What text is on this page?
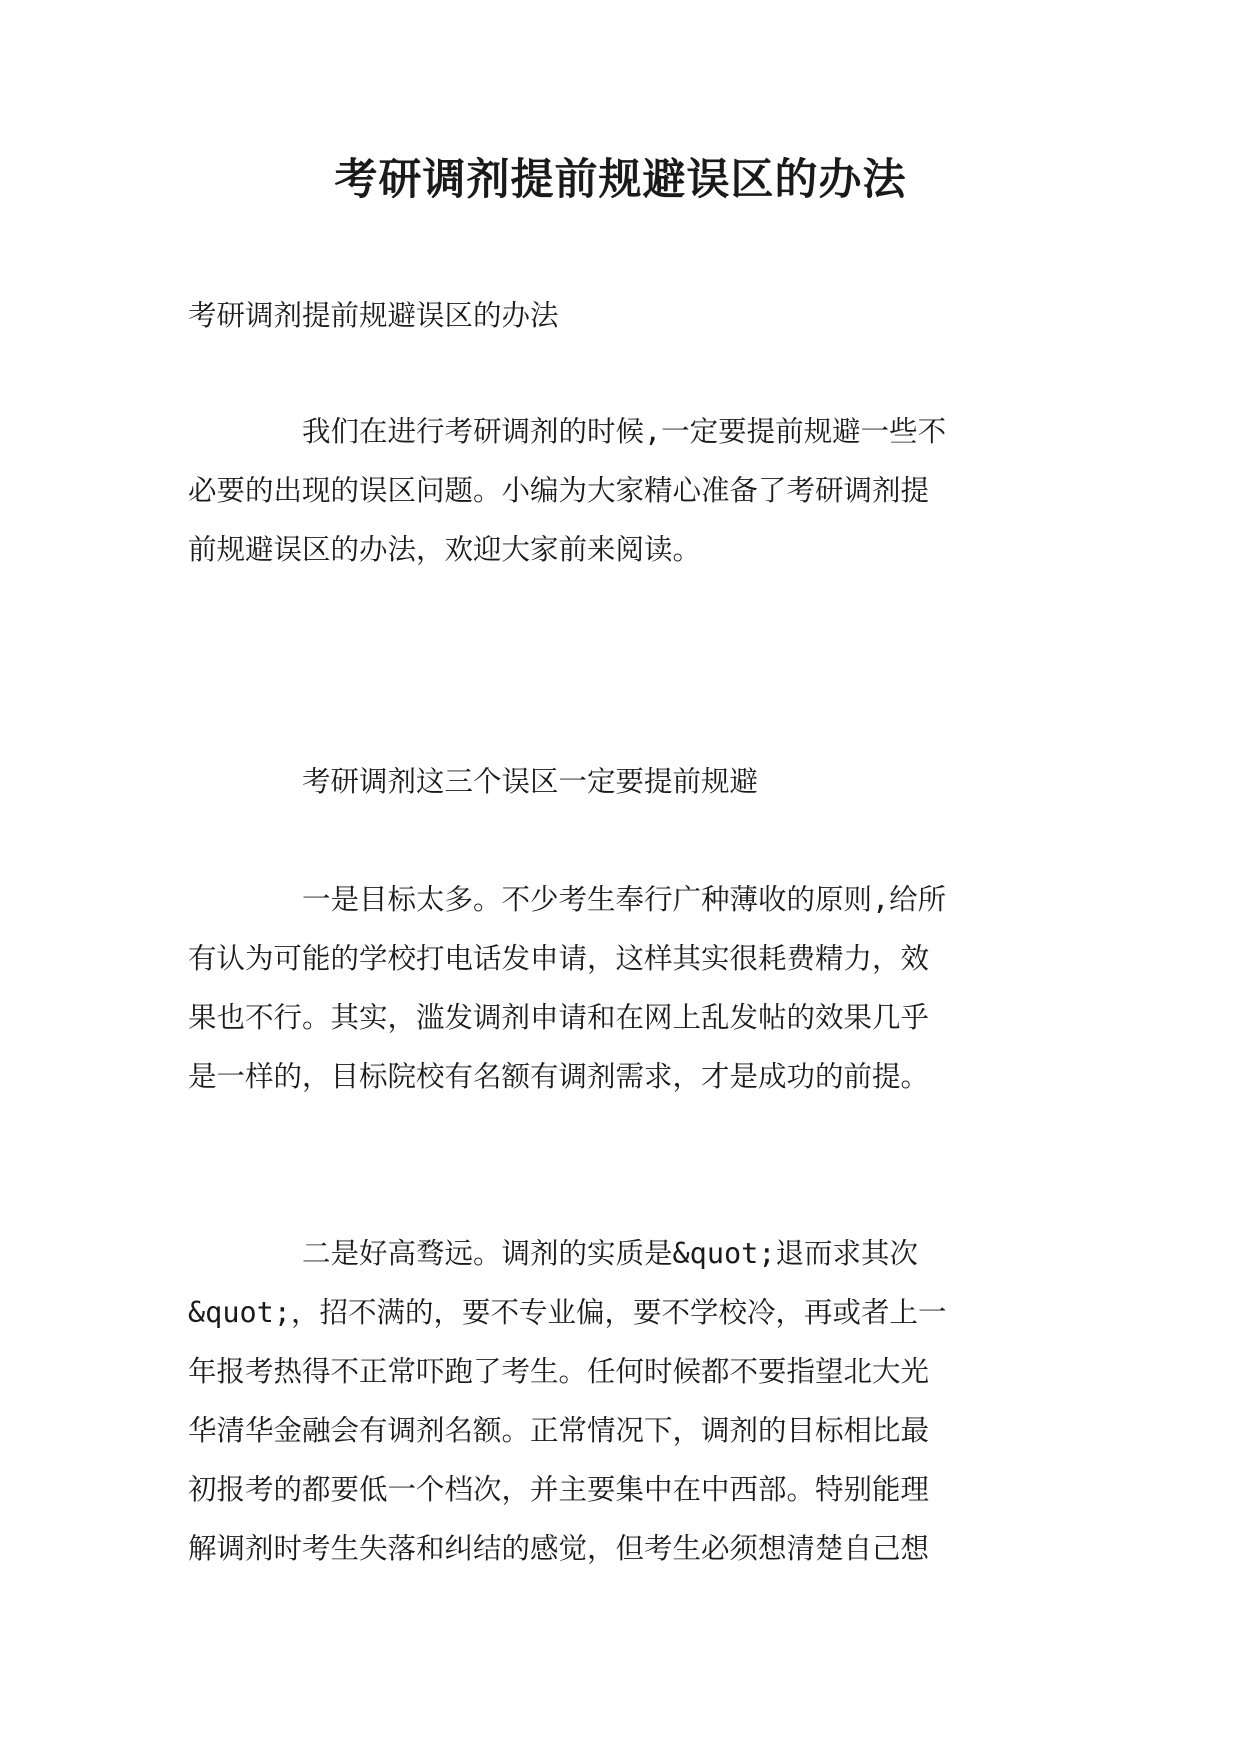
考研调剂提前规避误区的办法

考研调剂提前规避误区的办法

我们在进行考研调剂的时候,一定要提前规避一些不
必要的出现的误区问题。小编为大家精心准备了考研调剂提
前规避误区的办法，欢迎大家前来阅读。

考研调剂这三个误区一定要提前规避

一是目标太多。不少考生奉行广种薄收的原则,给所
有认为可能的学校打电话发申请，这样其实很耗费精力，效
果也不行。其实，滥发调剂申请和在网上乱发帖的效果几乎
是一样的，目标院校有名额有调剂需求，才是成功的前提。

二是好高骛远。调剂的实质是&quot;退而求其次
&quot;，招不满的，要不专业偏，要不学校冷，再或者上一
年报考热得不正常吓跑了考生。任何时候都不要指望北大光
华清华金融会有调剂名额。正常情况下，调剂的目标相比最
初报考的都要低一个档次，并主要集中在中西部。特别能理
解调剂时考生失落和纠结的感觉，但考生必须想清楚自己想
